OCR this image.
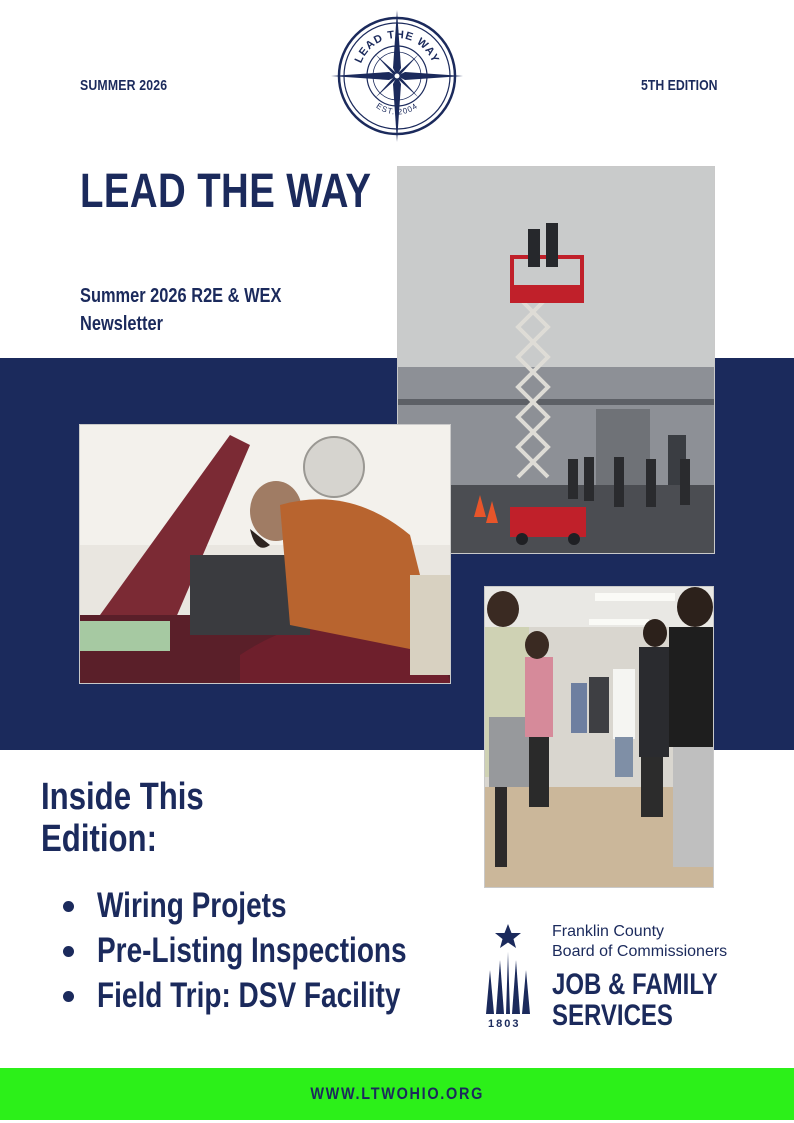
SUMMER 2026	5TH EDITION
LEAD THE WAY
EST. 2004
LEAD THE WAY
Summer 2026 R2E & WEX Newsletter
Inside This
Edition:
Wiring Projets
Pre-Listing Inspections
Field Trip: DSV Facility
1803
Franklin County
Board of Commissioners
JOB & FAMILY
SERVICES
WWW.LTWOHIO.ORG
